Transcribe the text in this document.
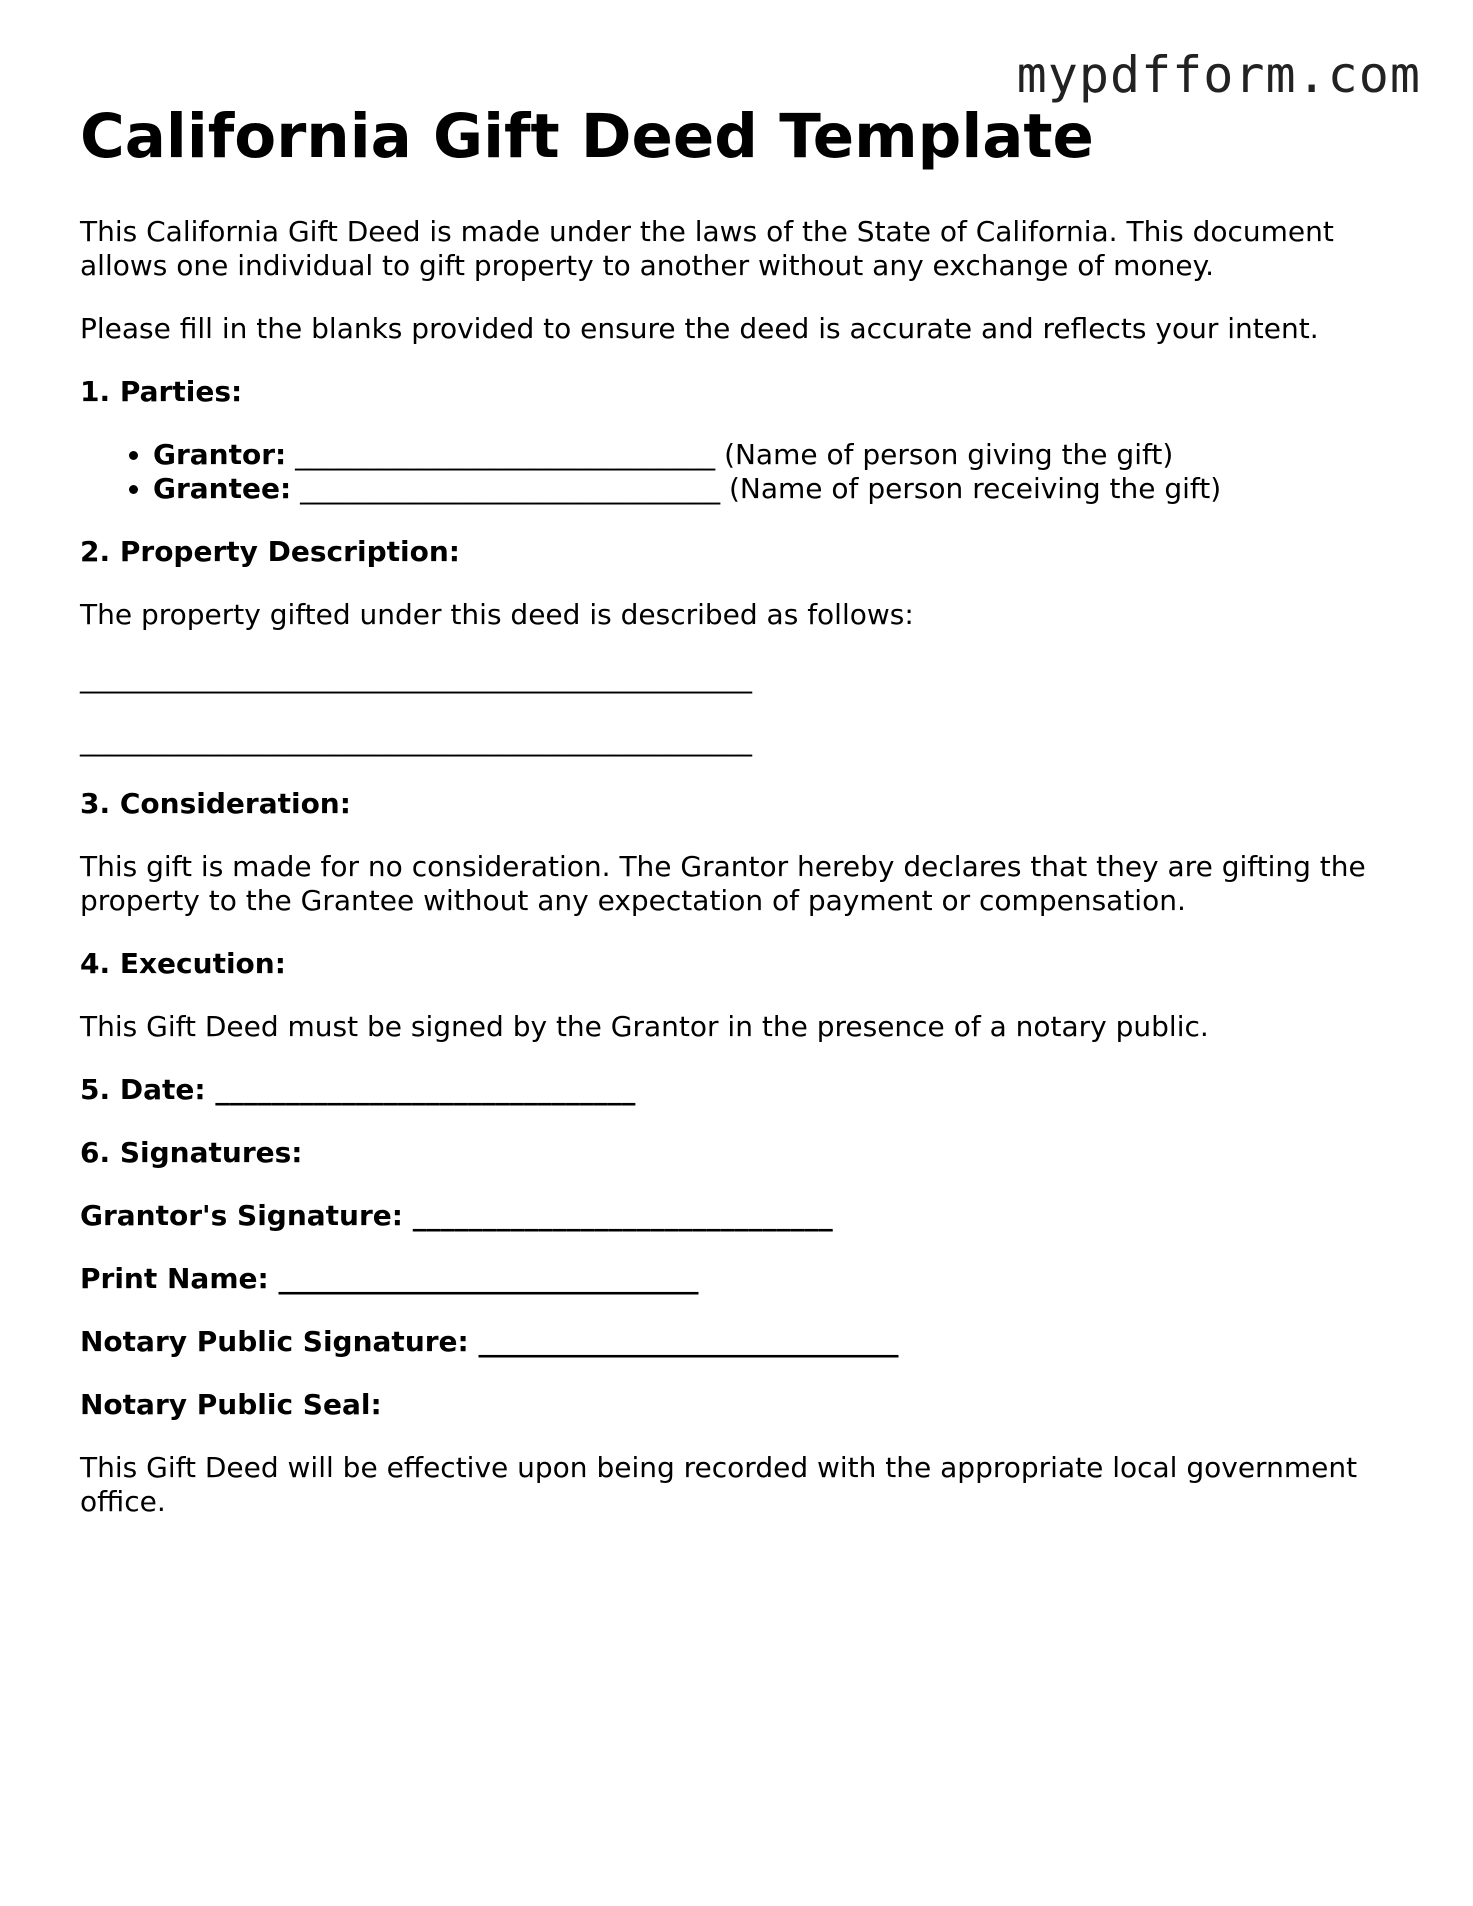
mypdfform.com
California Gift Deed Template

This California Gift Deed is made under the laws of the State of California. This document allows one individual to gift property to another without any exchange of money.

Please fill in the blanks provided to ensure the deed is accurate and reflects your intent.

1. Parties:
• Grantor: ______________________________ (Name of person giving the gift)
• Grantee: ______________________________ (Name of person receiving the gift)
2. Property Description:

The property gifted under this deed is described as follows:

________________________________________________
________________________________________________
3. Consideration:

This gift is made for no consideration. The Grantor hereby declares that they are gifting the property to the Grantee without any expectation of payment or compensation.

4. Execution:

This Gift Deed must be signed by the Grantor in the presence of a notary public.

5. Date: ______________________________
6. Signatures:
Grantor's Signature: ______________________________
Print Name: ______________________________
Notary Public Signature: ______________________________
Notary Public Seal:

This Gift Deed will be effective upon being recorded with the appropriate local government office.
